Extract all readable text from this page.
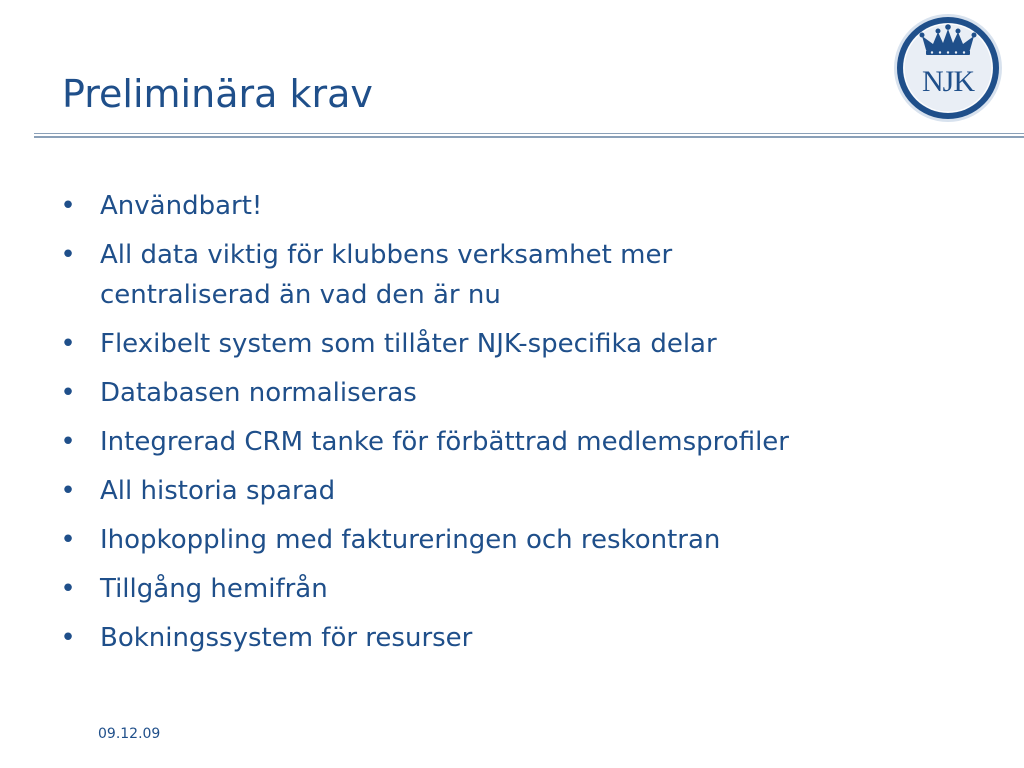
Preliminära krav	NJK
• Användbart!
• All data viktig för klubbens verksamhet mer centraliserad än vad den är nu
• Flexibelt system som tillåter NJK-specifika delar
• Databasen normaliseras
• Integrerad CRM tanke för förbättrad medlemsprofiler
• All historia sparad
• Ihopkoppling med faktureringen och reskontran
• Tillgång hemifrån
• Bokningssystem för resurser
09.12.09
